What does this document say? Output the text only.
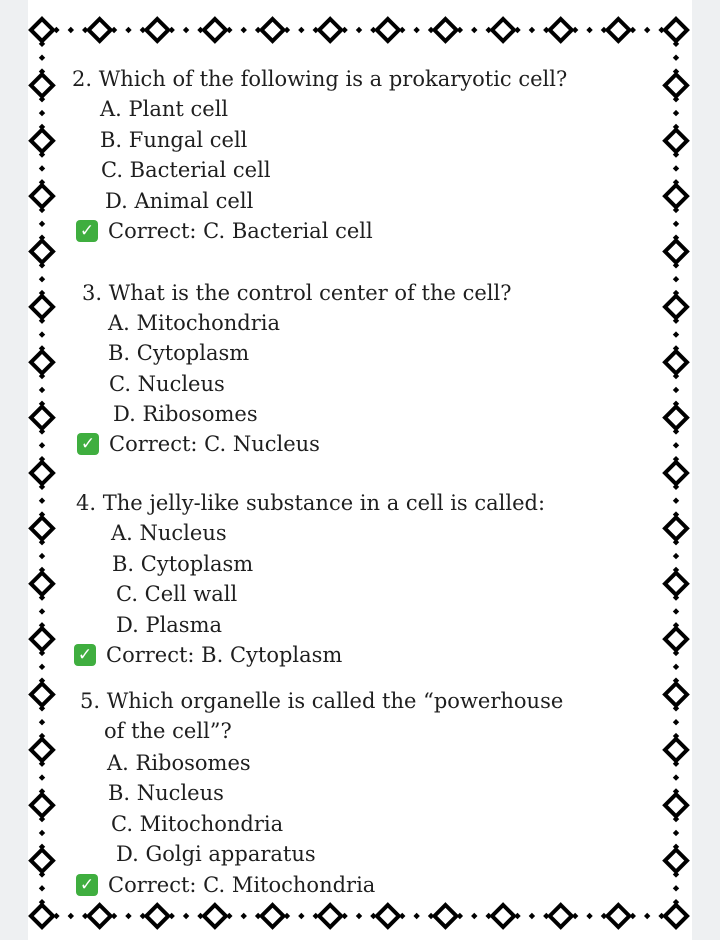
2. Which of the following is a prokaryotic cell?
A. Plant cell
B. Fungal cell
C. Bacterial cell
D. Animal cell
✓ Correct: C. Bacterial cell
3. What is the control center of the cell?
A. Mitochondria
B. Cytoplasm
C. Nucleus
D. Ribosomes
✓ Correct: C. Nucleus
4. The jelly-like substance in a cell is called:
A. Nucleus
B. Cytoplasm
C. Cell wall
D. Plasma
✓ Correct: B. Cytoplasm
5. Which organelle is called the “powerhouse
of the cell”?
A. Ribosomes
B. Nucleus
C. Mitochondria
D. Golgi apparatus
✓ Correct: C. Mitochondria
